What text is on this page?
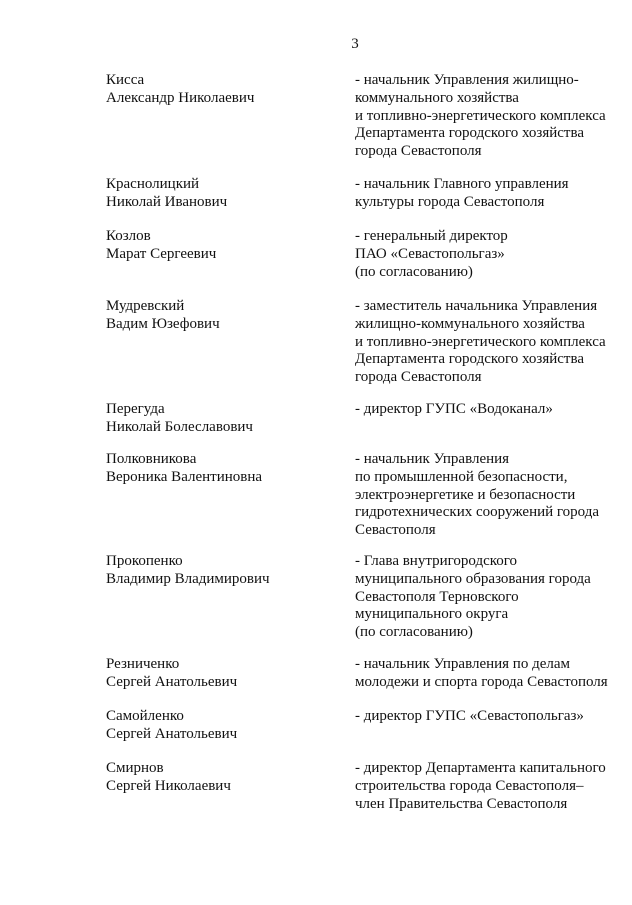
3
Кисса
Александр Николаевич
- начальник Управления жилищно-
коммунального хозяйства
и топливно-энергетического комплекса
Департамента городского хозяйства
города Севастополя
Краснолицкий
Николай Иванович
- начальник Главного управления
культуры города Севастополя
Козлов
Марат Сергеевич
- генеральный директор
ПАО «Севастопольгаз»
(по согласованию)
Мудревский
Вадим Юзефович
- заместитель начальника Управления
жилищно-коммунального хозяйства
и топливно-энергетического комплекса
Департамента городского хозяйства
города Севастополя
Перегуда
Николай Болеславович
- директор ГУПС «Водоканал»
Полковникова
Вероника Валентиновна
- начальник Управления
по промышленной безопасности,
электроэнергетике и безопасности
гидротехнических сооружений города
Севастополя
Прокопенко
Владимир Владимирович
- Глава внутригородского
муниципального образования города
Севастополя Терновского
муниципального округа
(по согласованию)
Резниченко
Сергей Анатольевич
- начальник Управления по делам
молодежи и спорта города Севастополя
Самойленко
Сергей Анатольевич
- директор ГУПС «Севастопольгаз»
Смирнов
Сергей Николаевич
- директор Департамента капитального
строительства города Севастополя–
член Правительства Севастополя
